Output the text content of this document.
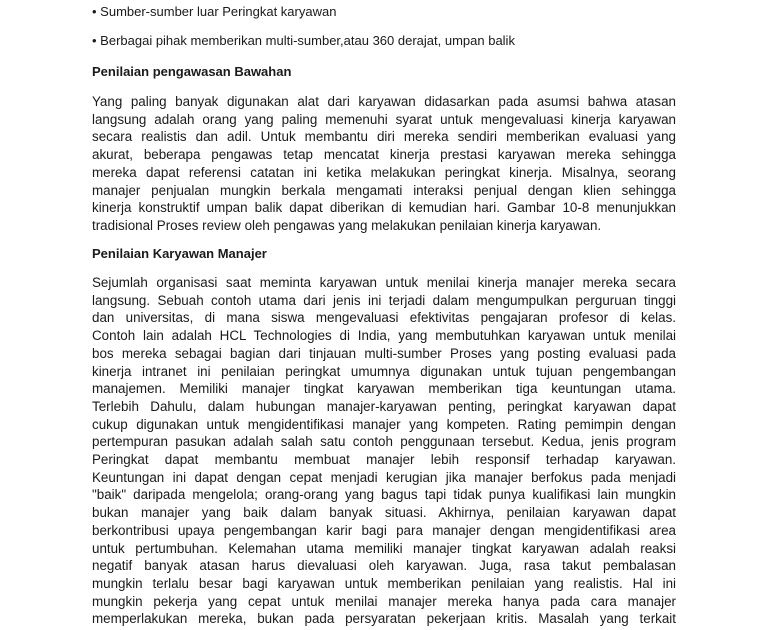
• Sumber-sumber luar Peringkat karyawan
• Berbagai pihak memberikan multi-sumber,atau 360 derajat, umpan balik
Penilaian pengawasan Bawahan
Yang paling banyak digunakan alat dari karyawan didasarkan pada asumsi bahwa atasan
langsung adalah orang yang paling memenuhi syarat untuk mengevaluasi kinerja karyawan
secara realistis dan adil. Untuk membantu diri mereka sendiri memberikan evaluasi yang
akurat, beberapa pengawas tetap mencatat kinerja prestasi karyawan mereka sehingga
mereka dapat referensi catatan ini ketika melakukan peringkat kinerja. Misalnya, seorang
manajer penjualan mungkin berkala mengamati interaksi penjual dengan klien sehingga
kinerja konstruktif umpan balik dapat diberikan di kemudian hari. Gambar 10-8 menunjukkan
tradisional Proses review oleh pengawas yang melakukan penilaian kinerja karyawan.
Penilaian Karyawan Manajer
Sejumlah organisasi saat meminta karyawan untuk menilai kinerja manajer mereka secara
langsung. Sebuah contoh utama dari jenis ini terjadi dalam mengumpulkan perguruan tinggi
dan universitas, di mana siswa mengevaluasi efektivitas pengajaran profesor di kelas.
Contoh lain adalah HCL Technologies di India, yang membutuhkan karyawan untuk menilai
bos mereka sebagai bagian dari tinjauan multi-sumber Proses yang posting evaluasi pada
kinerja intranet ini penilaian peringkat umumnya digunakan untuk tujuan pengembangan
manajemen. Memiliki manajer tingkat karyawan memberikan tiga keuntungan utama.
Terlebih Dahulu, dalam hubungan manajer-karyawan penting, peringkat karyawan dapat
cukup digunakan untuk mengidentifikasi manajer yang kompeten. Rating pemimpin dengan
pertempuran pasukan adalah salah satu contoh penggunaan tersebut. Kedua, jenis program
Peringkat dapat membantu membuat manajer lebih responsif terhadap karyawan.
Keuntungan ini dapat dengan cepat menjadi kerugian jika manajer berfokus pada menjadi
"baik" daripada mengelola; orang-orang yang bagus tapi tidak punya kualifikasi lain mungkin
bukan manajer yang baik dalam banyak situasi. Akhirnya, penilaian karyawan dapat
berkontribusi upaya pengembangan karir bagi para manajer dengan mengidentifikasi area
untuk pertumbuhan. Kelemahan utama memiliki manajer tingkat karyawan adalah reaksi
negatif banyak atasan harus dievaluasi oleh karyawan. Juga, rasa takut pembalasan
mungkin terlalu besar bagi karyawan untuk memberikan penilaian yang realistis. Hal ini
mungkin pekerja yang cepat untuk menilai manajer mereka hanya pada cara manajer
memperlakukan mereka, bukan pada persyaratan pekerjaan kritis. Masalah yang terkait
